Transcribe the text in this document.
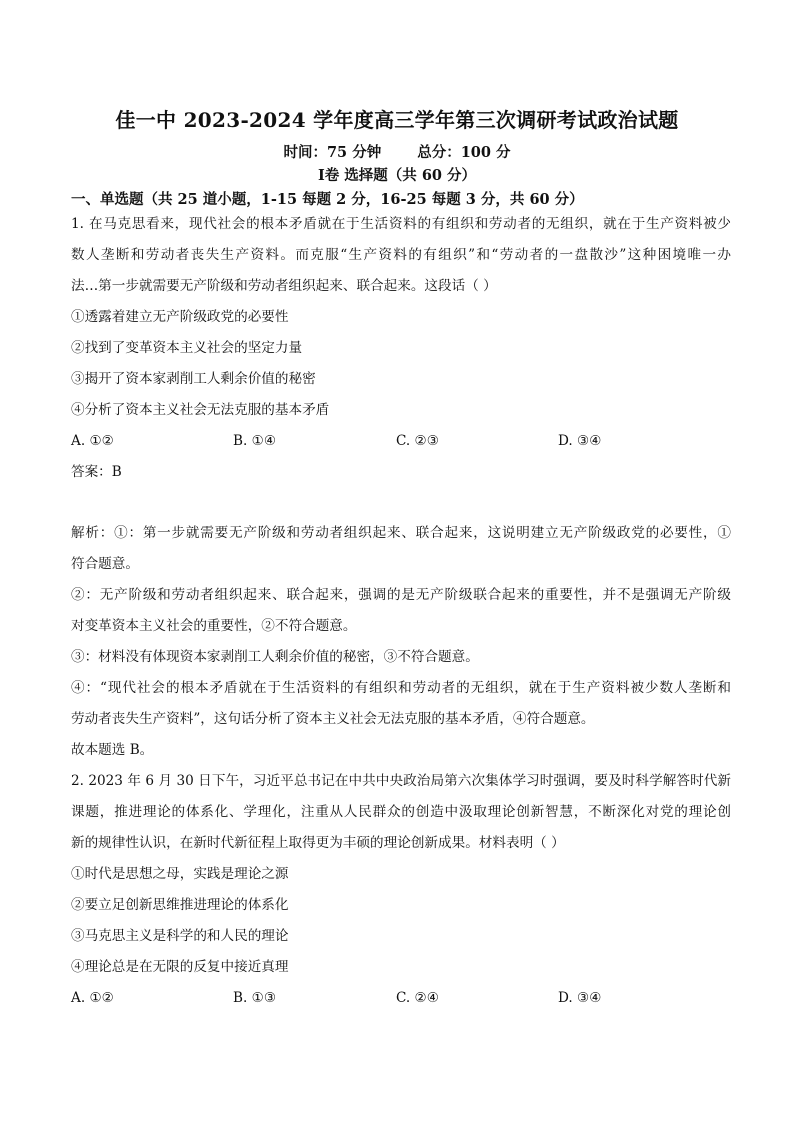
佳一中 2023-2024 学年度高三学年第三次调研考试政治试题
时间：75 分钟 总分：100 分
Ⅰ卷 选择题（共 60 分）
一、单选题（共 25 道小题，1-15 每题 2 分，16-25 每题 3 分，共 60 分）
1. 在马克思看来，现代社会的根本矛盾就在于生活资料的有组织和劳动者的无组织，就在于生产资料被少
数人垄断和劳动者丧失生产资料。而克服“生产资料的有组织”和“劳动者的一盘散沙”这种困境唯一办
法…第一步就需要无产阶级和劳动者组织起来、联合起来。这段话（ ）
①透露着建立无产阶级政党的必要性
②找到了变革资本主义社会的坚定力量
③揭开了资本家剥削工人剩余价值的秘密
④分析了资本主义社会无法克服的基本矛盾
A. ①②	B. ①④	C. ②③	D. ③④
答案：B
解析：①：第一步就需要无产阶级和劳动者组织起来、联合起来，这说明建立无产阶级政党的必要性，①
符合题意。
②：无产阶级和劳动者组织起来、联合起来，强调的是无产阶级联合起来的重要性，并不是强调无产阶级
对变革资本主义社会的重要性，②不符合题意。
③：材料没有体现资本家剥削工人剩余价值的秘密，③不符合题意。
④：“现代社会的根本矛盾就在于生活资料的有组织和劳动者的无组织，就在于生产资料被少数人垄断和
劳动者丧失生产资料”，这句话分析了资本主义社会无法克服的基本矛盾，④符合题意。
故本题选 B。
2. 2023 年 6 月 30 日下午，习近平总书记在中共中央政治局第六次集体学习时强调，要及时科学解答时代新
课题，推进理论的体系化、学理化，注重从人民群众的创造中汲取理论创新智慧，不断深化对党的理论创
新的规律性认识，在新时代新征程上取得更为丰硕的理论创新成果。材料表明（ ）
①时代是思想之母，实践是理论之源
②要立足创新思维推进理论的体系化
③马克思主义是科学的和人民的理论
④理论总是在无限的反复中接近真理
A. ①②	B. ①③	C. ②④	D. ③④
